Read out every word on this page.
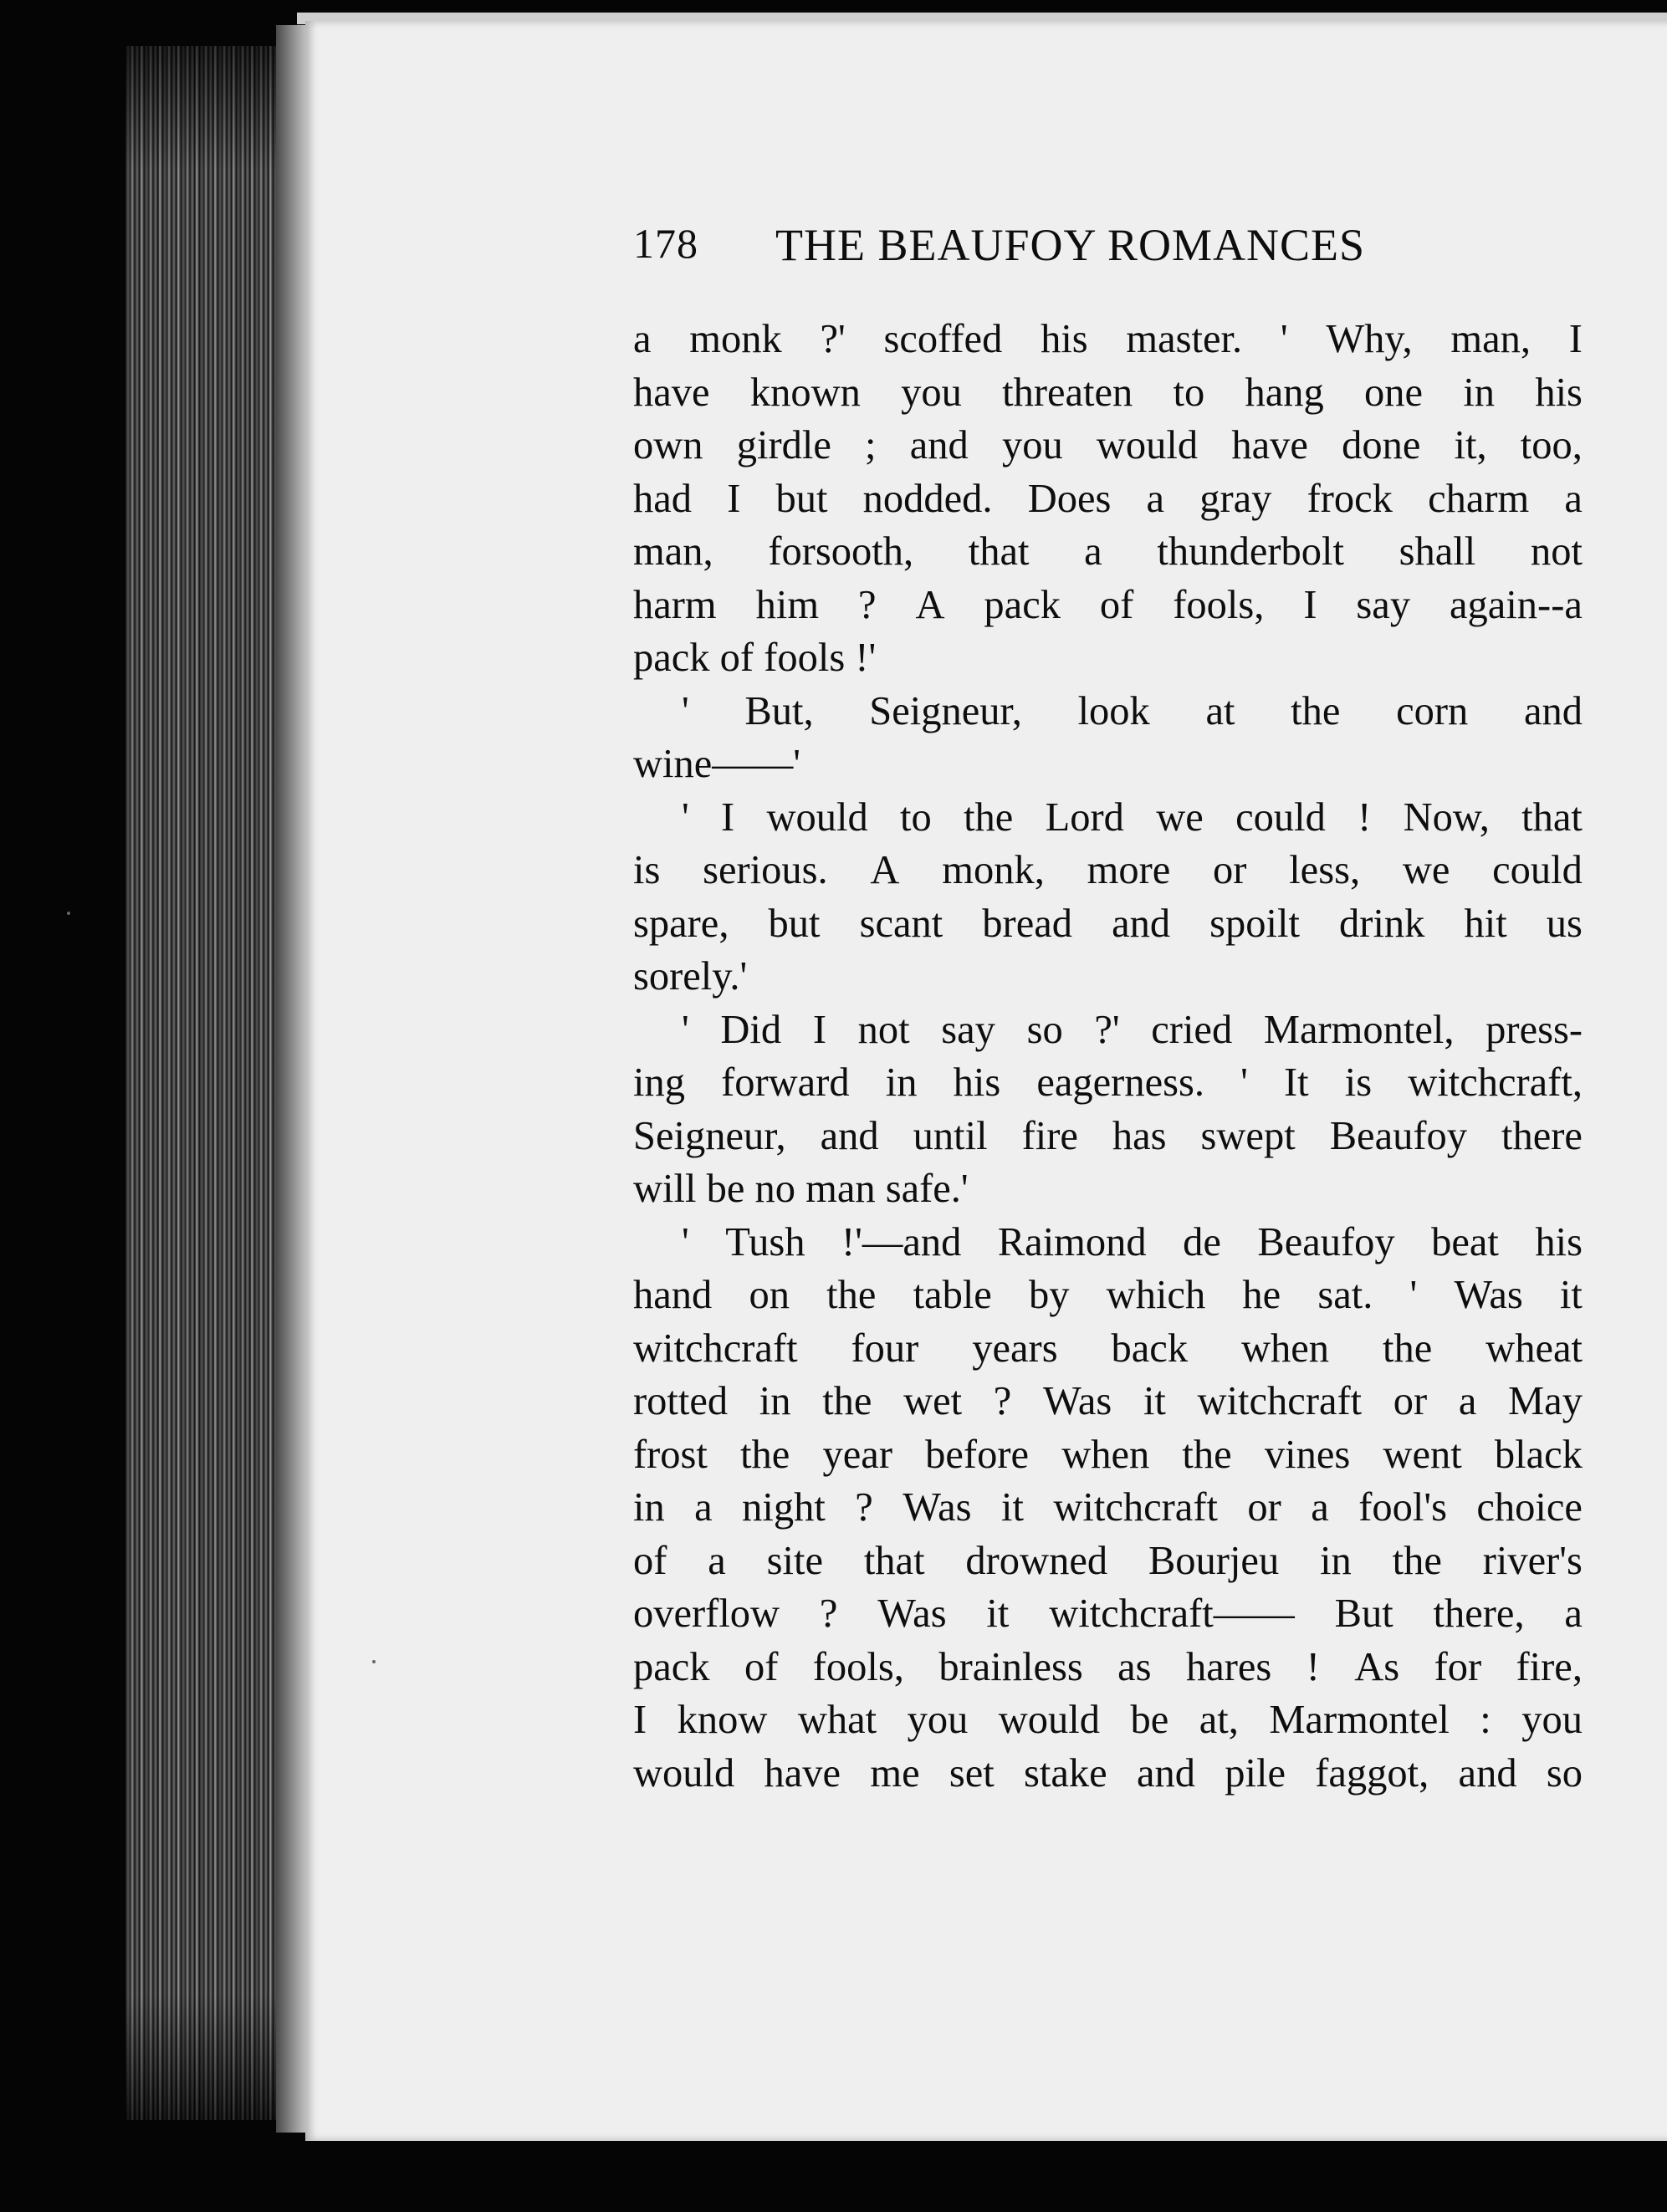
178 THE BEAUFOY ROMANCES
a monk ?' scoffed his master. ' Why, man, I
have known you threaten to hang one in his
own girdle ; and you would have done it, too,
had I but nodded. Does a gray frock charm a
man, forsooth, that a thunderbolt shall not
harm him ? A pack of fools, I say again--a
pack of fools !'
' But, Seigneur, look at the corn and
wine——'
' I would to the Lord we could ! Now, that
is serious. A monk, more or less, we could
spare, but scant bread and spoilt drink hit us
sorely.'
' Did I not say so ?' cried Marmontel, press-
ing forward in his eagerness. ' It is witchcraft,
Seigneur, and until fire has swept Beaufoy there
will be no man safe.'
' Tush !'—and Raimond de Beaufoy beat his
hand on the table by which he sat. ' Was it
witchcraft four years back when the wheat
rotted in the wet ? Was it witchcraft or a May
frost the year before when the vines went black
in a night ? Was it witchcraft or a fool's choice
of a site that drowned Bourjeu in the river's
overflow ? Was it witchcraft—— But there, a
pack of fools, brainless as hares ! As for fire,
I know what you would be at, Marmontel : you
would have me set stake and pile faggot, and so
